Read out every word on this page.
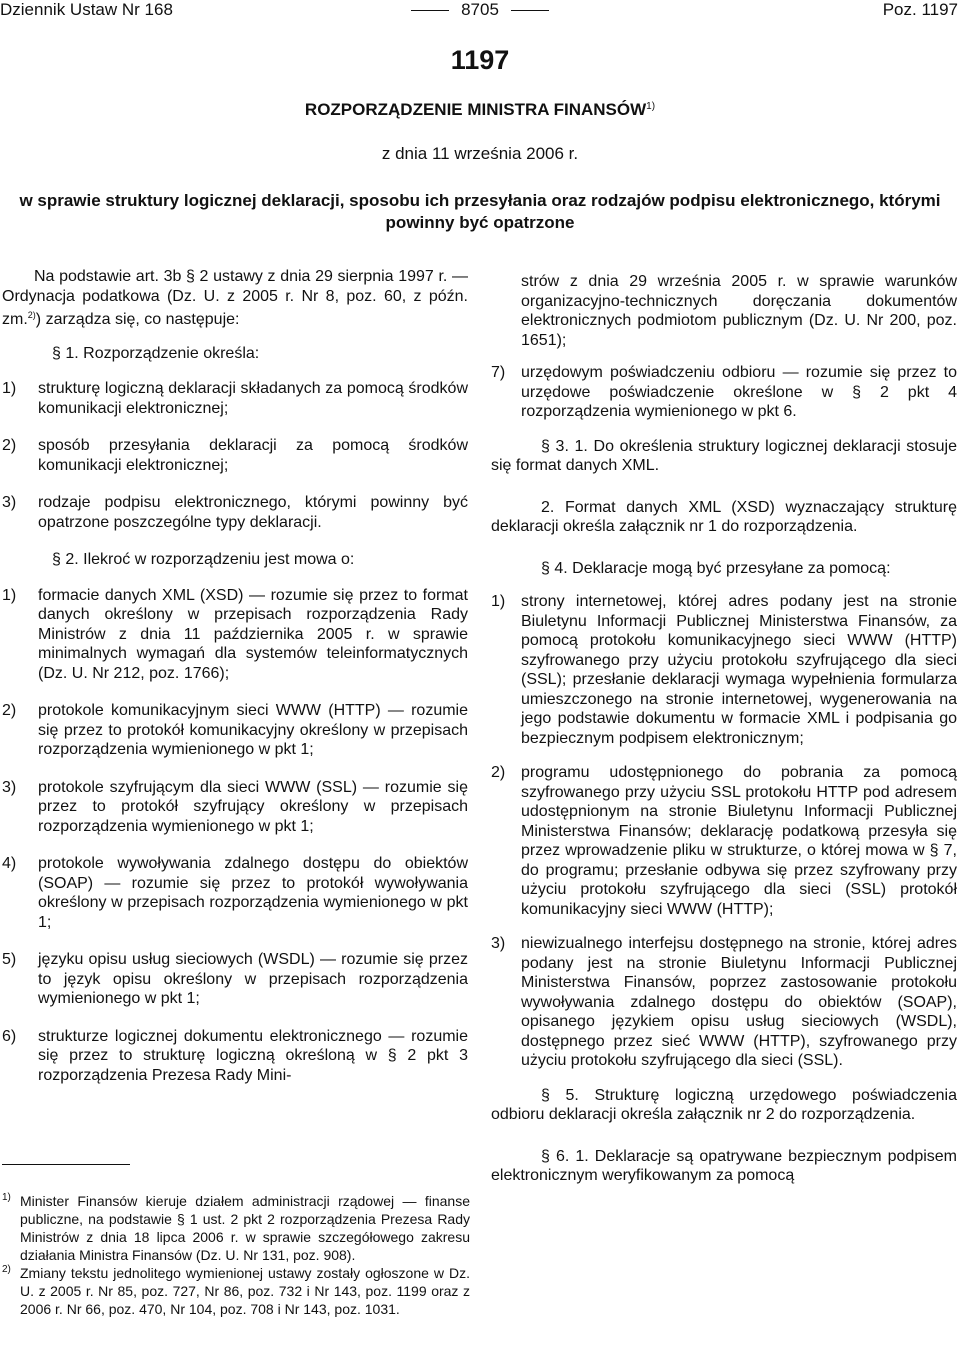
Dziennik Ustaw Nr 168	8705	Poz. 1197
1197
ROZPORZĄDZENIE MINISTRA FINANSÓW$^{1)}$
z dnia 11 września 2006 r.
w sprawie struktury logicznej deklaracji, sposobu ich przesyłania oraz rodzajów podpisu elektronicznego, którymi powinny być opatrzone

Na podstawie art. 3b § 2 ustawy z dnia 29 sierpnia 1997 r. — Ordynacja podatkowa (Dz. U. z 2005 r. Nr 8, poz. 60, z późn. zm.$^{2)}$) zarządza się, co następuje:

§ 1. Rozporządzenie określa:

1) strukturę logiczną deklaracji składanych za pomocą środków komunikacji elektronicznej;

2) sposób przesyłania deklaracji za pomocą środków komunikacji elektronicznej;

3) rodzaje podpisu elektronicznego, którymi powinny być opatrzone poszczególne typy deklaracji.

§ 2. Ilekroć w rozporządzeniu jest mowa o:

1) formacie danych XML (XSD) — rozumie się przez to format danych określony w przepisach rozporządzenia Rady Ministrów z dnia 11 października 2005 r. w sprawie minimalnych wymagań dla systemów teleinformatycznych (Dz. U. Nr 212, poz. 1766);

2) protokole komunikacyjnym sieci WWW (HTTP) — rozumie się przez to protokół komunikacyjny określony w przepisach rozporządzenia wymienionego w pkt 1;

3) protokole szyfrującym dla sieci WWW (SSL) — rozumie się przez to protokół szyfrujący określony w przepisach rozporządzenia wymienionego w pkt 1;

4) protokole wywoływania zdalnego dostępu do obiektów (SOAP) — rozumie się przez to protokół wywoływania określony w przepisach rozporządzenia wymienionego w pkt 1;

5) języku opisu usług sieciowych (WSDL) — rozumie się przez to język opisu określony w przepisach rozporządzenia wymienionego w pkt 1;

6) strukturze logicznej dokumentu elektronicznego — rozumie się przez to strukturę logiczną określoną w § 2 pkt 3 rozporządzenia Prezesa Rady Mini-

1) Minister Finansów kieruje działem administracji rządowej — finanse publiczne, na podstawie § 1 ust. 2 pkt 2 rozporządzenia Prezesa Rady Ministrów z dnia 18 lipca 2006 r. w sprawie szczegółowego zakresu działania Ministra Finansów (Dz. U. Nr 131, poz. 908).

2) Zmiany tekstu jednolitego wymienionej ustawy zostały ogłoszone w Dz. U. z 2005 r. Nr 85, poz. 727, Nr 86, poz. 732 i Nr 143, poz. 1199 oraz z 2006 r. Nr 66, poz. 470, Nr 104, poz. 708 i Nr 143, poz. 1031.

strów z dnia 29 września 2005 r. w sprawie warunków organizacyjno-technicznych doręczania dokumentów elektronicznych podmiotom publicznym (Dz. U. Nr 200, poz. 1651);

7) urzędowym poświadczeniu odbioru — rozumie się przez to urzędowe poświadczenie określone w § 2 pkt 4 rozporządzenia wymienionego w pkt 6.

§ 3. 1. Do określenia struktury logicznej deklaracji stosuje się format danych XML.

2. Format danych XML (XSD) wyznaczający strukturę deklaracji określa załącznik nr 1 do rozporządzenia.

§ 4. Deklaracje mogą być przesyłane za pomocą:

1) strony internetowej, której adres podany jest na stronie Biuletynu Informacji Publicznej Ministerstwa Finansów, za pomocą protokołu komunikacyjnego sieci WWW (HTTP) szyfrowanego przy użyciu protokołu szyfrującego dla sieci (SSL); przesłanie deklaracji wymaga wypełnienia formularza umieszczonego na stronie internetowej, wygenerowania na jego podstawie dokumentu w formacie XML i podpisania go bezpiecznym podpisem elektronicznym;

2) programu udostępnionego do pobrania za pomocą szyfrowanego przy użyciu SSL protokołu HTTP pod adresem udostępnionym na stronie Biuletynu Informacji Publicznej Ministerstwa Finansów; deklarację podatkową przesyła się przez wprowadzenie pliku w strukturze, o której mowa w § 7, do programu; przesłanie odbywa się przez szyfrowany przy użyciu protokołu szyfrującego dla sieci (SSL) protokół komunikacyjny sieci WWW (HTTP);

3) niewizualnego interfejsu dostępnego na stronie, której adres podany jest na stronie Biuletynu Informacji Publicznej Ministerstwa Finansów, poprzez zastosowanie protokołu wywoływania zdalnego dostępu do obiektów (SOAP), opisanego językiem opisu usług sieciowych (WSDL), dostępnego przez sieć WWW (HTTP), szyfrowanego przy użyciu protokołu szyfrującego dla sieci (SSL).

§ 5. Strukturę logiczną urzędowego poświadczenia odbioru deklaracji określa załącznik nr 2 do rozporządzenia.

§ 6. 1. Deklaracje są opatrywane bezpiecznym podpisem elektronicznym weryfikowanym za pomocą
